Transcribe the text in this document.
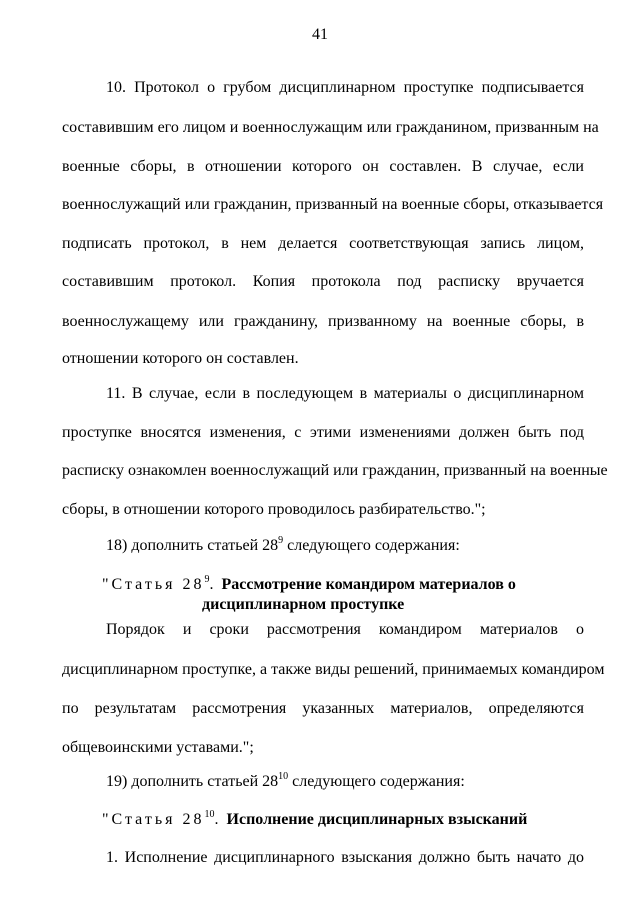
41
10. Протокол о грубом дисциплинарном проступке подписывается
составившим его лицом и военнослужащим или гражданином, призванным на
военные сборы, в отношении которого он составлен. В случае, если
военнослужащий или гражданин, призванный на военные сборы, отказывается
подписать протокол, в нем делается соответствующая запись лицом,
составившим протокол. Копия протокола под расписку вручается
военнослужащему или гражданину, призванному на военные сборы, в
отношении которого он составлен.
11. В случае, если в последующем в материалы о дисциплинарном
проступке вносятся изменения, с этими изменениями должен быть под
расписку ознакомлен военнослужащий или гражданин, призванный на военные
сборы, в отношении которого проводилось разбирательство.";
18) дополнить статьей $28^9$ следующего содержания:
"Статья $28^9$. Рассмотрение командиром материалов о
дисциплинарном проступке
Порядок и сроки рассмотрения командиром материалов о
дисциплинарном проступке, а также виды решений, принимаемых командиром
по результатам рассмотрения указанных материалов, определяются
общевоинскими уставами.";
19) дополнить статьей $28^{10}$ следующего содержания:
"Статья $28^{10}$. Исполнение дисциплинарных взысканий
1. Исполнение дисциплинарного взыскания должно быть начато до
